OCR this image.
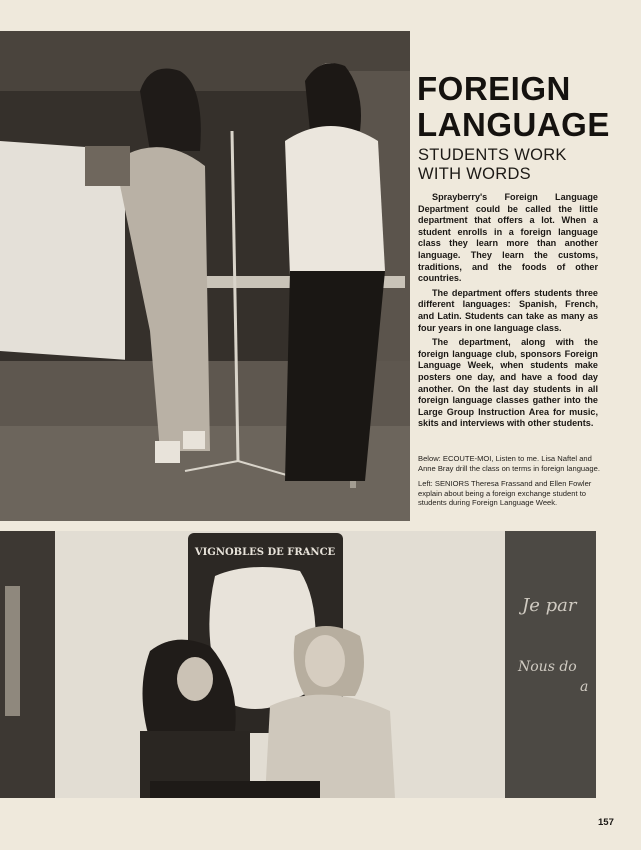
FOREIGN
LANGUAGE
STUDENTS WORK
WITH WORDS

Sprayberry's Foreign Language Department could be called the little department that offers a lot. When a student enrolls in a foreign language class they learn more than another language. They learn the customs, traditions, and the foods of other countries.

The department offers students three different languages: Spanish, French, and Latin. Students can take as many as four years in one language class.

The department, along with the foreign language club, sponsors Foreign Language Week, when students make posters one day, and have a food day another. On the last day students in all foreign language classes gather into the Large Group Instruction Area for music, skits and interviews with other students.

Below: ECOUTE-MOI, Listen to me. Lisa Naftel and Anne Bray drill the class on terms in foreign language.

Left: SENIORS Theresa Frassand and Ellen Fowler explain about being a foreign exchange student to students during Foreign Language Week.

VIGNOBLES DE FRANCE
Je par
Nous do
a
157
